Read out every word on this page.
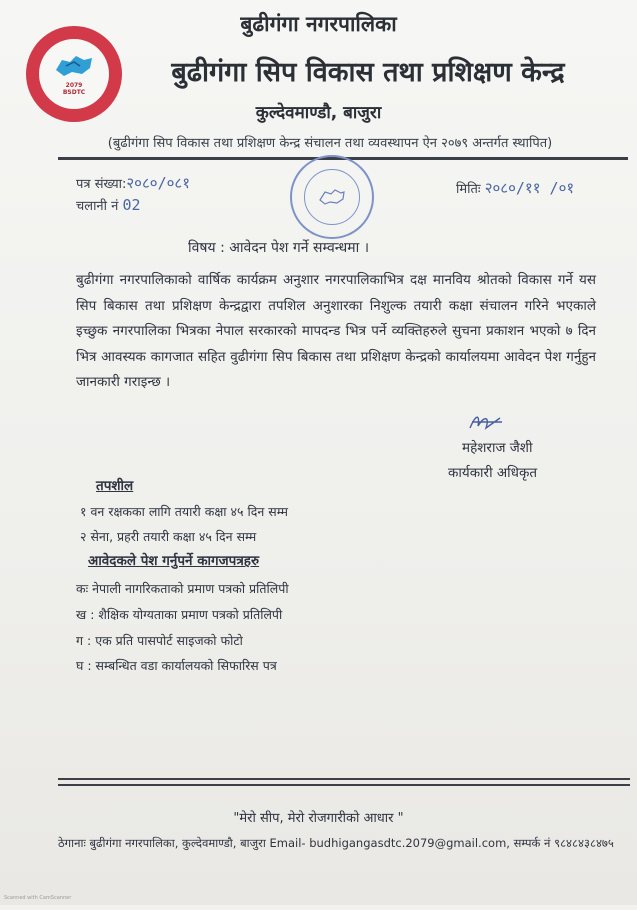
2079
BSDTC
बुढीगंगा नगरपालिका
बुढीगंगा सिप विकास तथा प्रशिक्षण केन्द्र
कुल्देवमाण्डौ, बाजुरा
(बुढीगंगा सिप विकास तथा प्रशिक्षण केन्द्र संचालन तथा व्यवस्थापन ऐन २०७९ अन्तर्गत स्थापित)
पत्र संख्या:२०८०/०८१
चलानी नं 02
मितिः २०८०/११ /०१
विषय : आवेदन पेश गर्ने सम्वन्धमा ।
बुढीगंगा नगरपालिकाको वार्षिक कार्यक्रम अनुशार नगरपालिकाभित्र दक्ष मानविय श्रोतको विकास गर्ने यस सिप बिकास तथा प्रशिक्षण केन्द्रद्वारा तपशिल अनुशारका निशुल्क तयारी कक्षा संचालन गरिने भएकाले इच्छुक नगरपालिका भित्रका नेपाल सरकारको मापदन्ड भित्र पर्ने व्यक्तिहरुले सुचना प्रकाशन भएको ७ दिन भित्र आवस्यक कागजात सहित वुढीगंगा सिप बिकास तथा प्रशिक्षण केन्द्रको कार्यालयमा आवेदन पेश गर्नुहुन जानकारी गराइन्छ ।
महेशराज जैशी
कार्यकारी अधिकृत
तपशील
१ वन रक्षकका लागि तयारी कक्षा ४५ दिन सम्म
२ सेना, प्रहरी तयारी कक्षा ४५ दिन सम्म
आवेदकले पेश गर्नुपर्ने कागजपत्रहरु
कः नेपाली नागरिकताको प्रमाण पत्रको प्रतिलिपी
ख : शैक्षिक योग्यताका प्रमाण पत्रको प्रतिलिपी
ग : एक प्रति पासपोर्ट साइजको फोटो
घ : सम्बन्धित वडा कार्यालयको सिफारिस पत्र
"मेरो सीप, मेरो रोजगारीको आधार "
ठेगानाः बुढीगंगा नगरपालिका, कुल्देवमाण्डौ, बाजुरा Email- budhigangasdtc.2079@gmail.com, सम्पर्क नं ९८४८४३८४७५
Scanned with CamScanner
